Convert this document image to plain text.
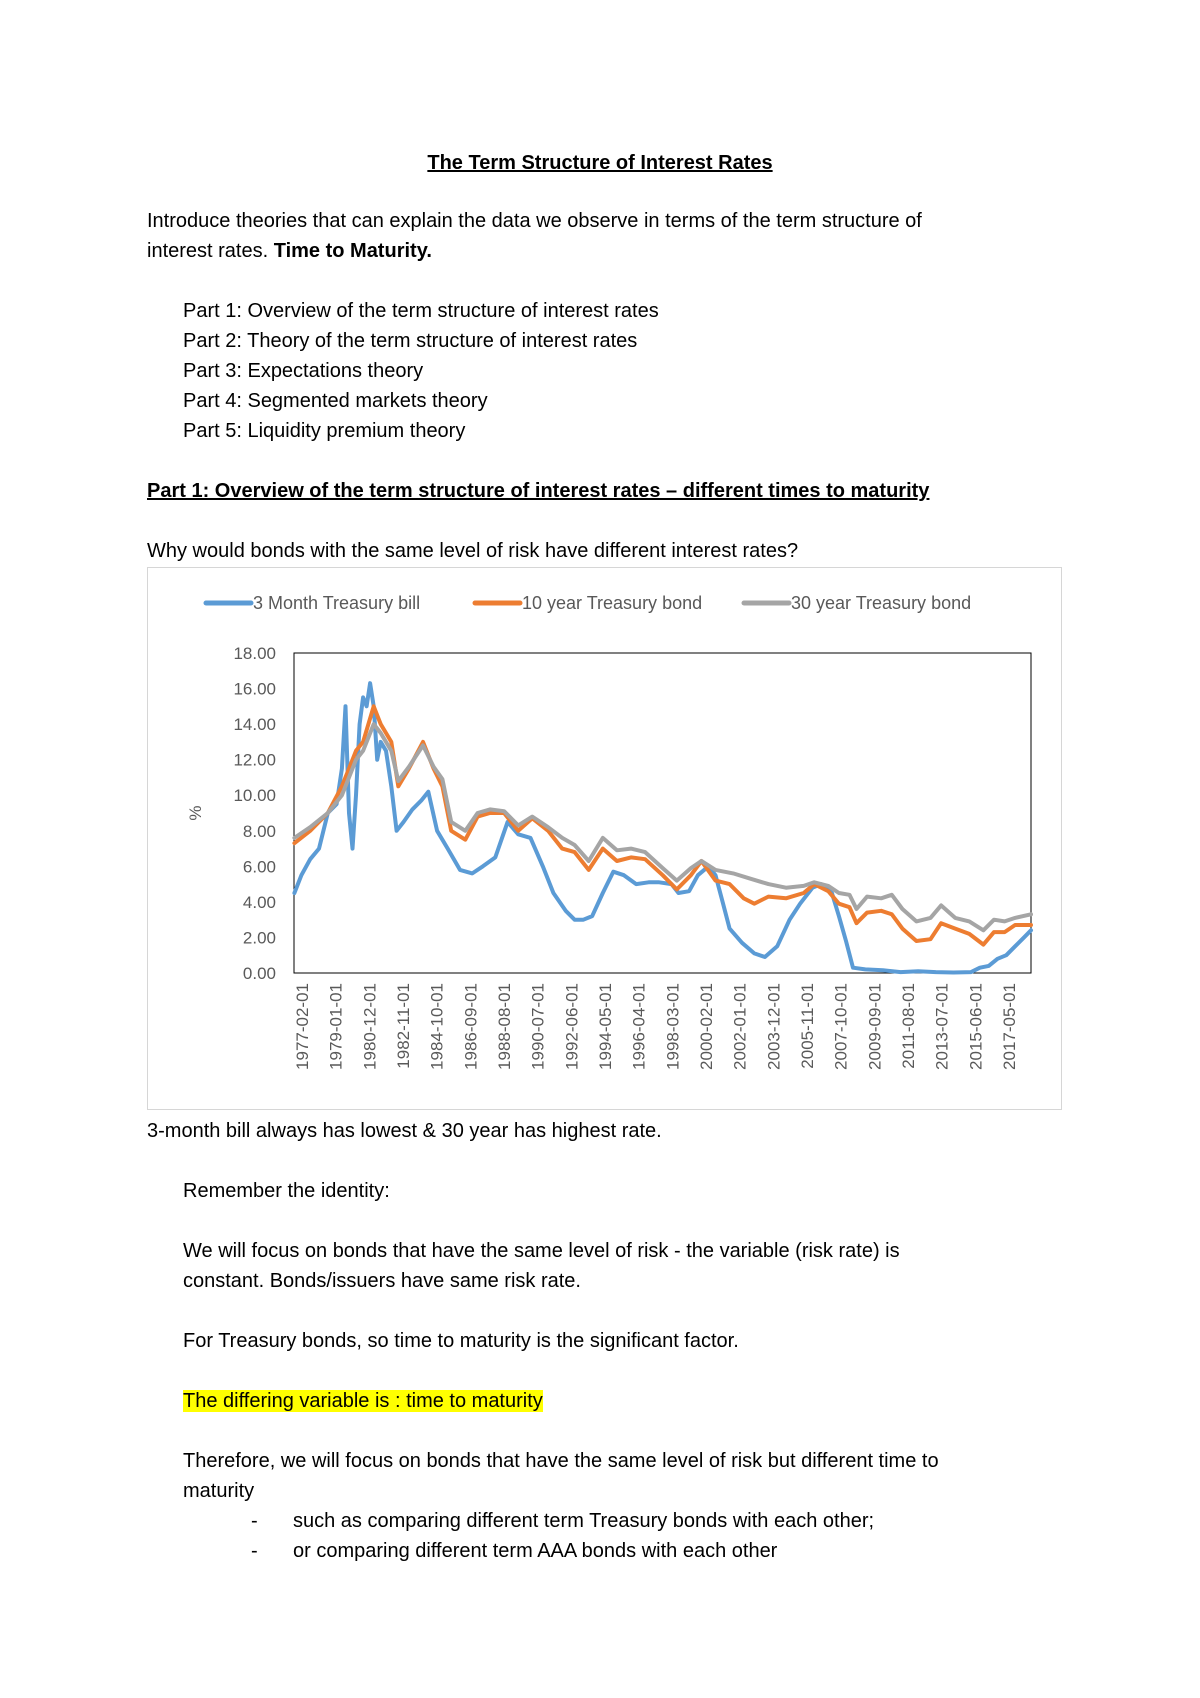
The Term Structure of Interest Rates
Introduce theories that can explain the data we observe in terms of the term structure of
interest rates. Time to Maturity.
Part 1: Overview of the term structure of interest rates
Part 2: Theory of the term structure of interest rates
Part 3: Expectations theory
Part 4: Segmented markets theory
Part 5: Liquidity premium theory
Part 1: Overview of the term structure of interest rates – different times to maturity
Why would bonds with the same level of risk have different interest rates?
18.00
16.00
14.00
12.00
10.00
8.00
6.00
4.00
2.00
0.00
%
1977-02-01 1979-01-01 1980-12-01 1982-11-01 1984-10-01 1986-09-01 1988-08-01 1990-07-01 1992-06-01 1994-05-01 1996-04-01 1998-03-01 2000-02-01 2002-01-01 2003-12-01 2005-11-01 2007-10-01 2009-09-01 2011-08-01 2013-07-01 2015-06-01 2017-05-01
3 Month Treasury bill	10 year Treasury bond	30 year Treasury bond
3-month bill always has lowest & 30 year has highest rate.
Remember the identity:
We will focus on bonds that have the same level of risk - the variable (risk rate) is
constant. Bonds/issuers have same risk rate.
For Treasury bonds, so time to maturity is the significant factor.
The differing variable is : time to maturity
Therefore, we will focus on bonds that have the same level of risk but different time to
maturity
- such as comparing different term Treasury bonds with each other;
- or comparing different term AAA bonds with each other
